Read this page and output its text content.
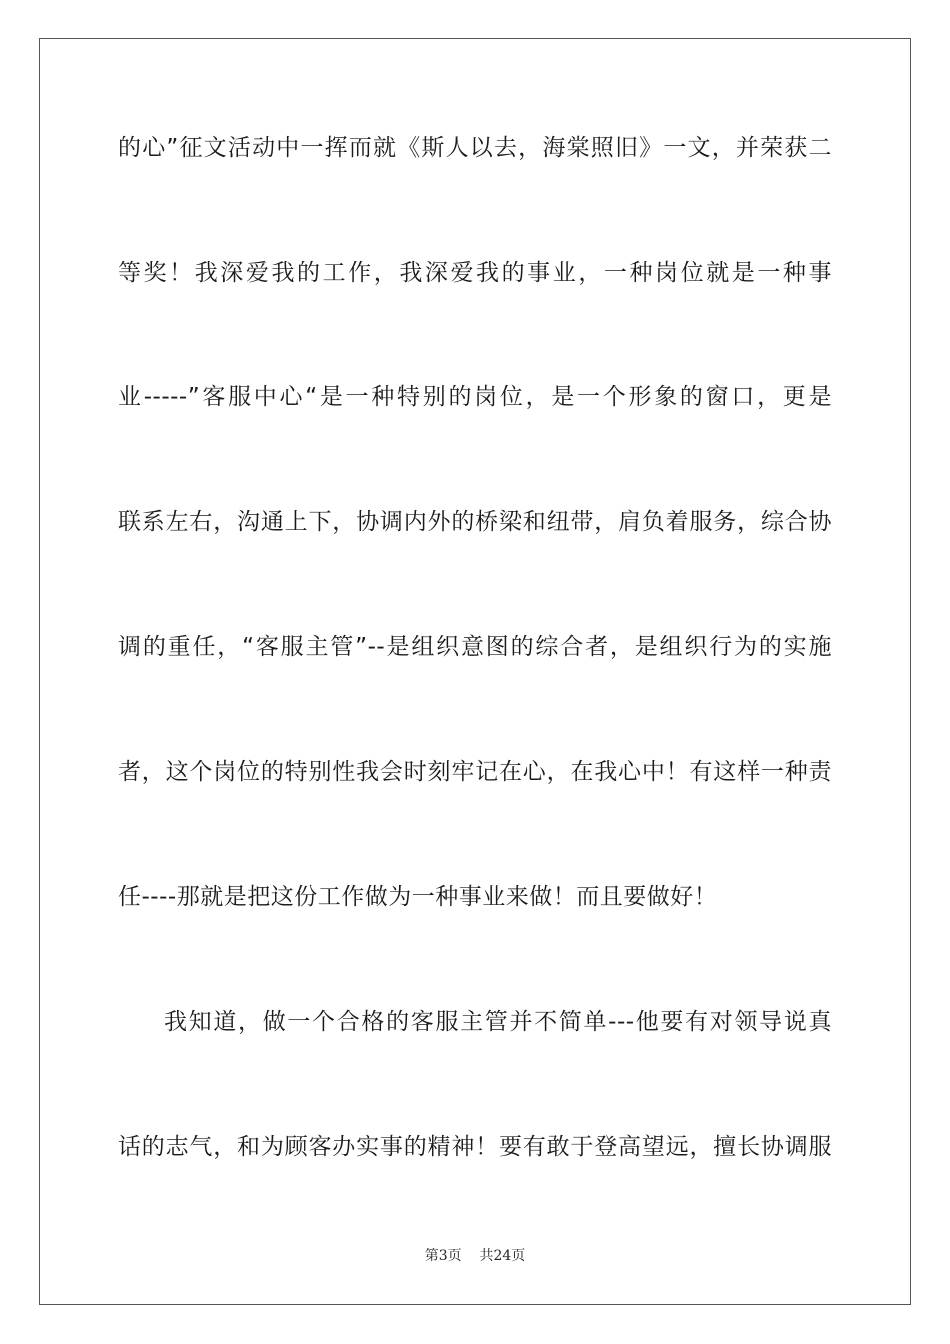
的心”征文活动中一挥而就《斯人以去，海棠照旧》一文，并荣获二
等奖！我深爱我的工作，我深爱我的事业，一种岗位就是一种事
业-----”客服中心“是一种特别的岗位，是一个形象的窗口，更是
联系左右，沟通上下，协调内外的桥梁和纽带，肩负着服务，综合协
调的重任，“客服主管”--是组织意图的综合者，是组织行为的实施
者，这个岗位的特别性我会时刻牢记在心，在我心中！有这样一种责
任----那就是把这份工作做为一种事业来做！而且要做好！
我知道，做一个合格的客服主管并不简单---他要有对领导说真
话的志气，和为顾客办实事的精神！要有敢于登高望远，擅长协调服
第3页 共24页
